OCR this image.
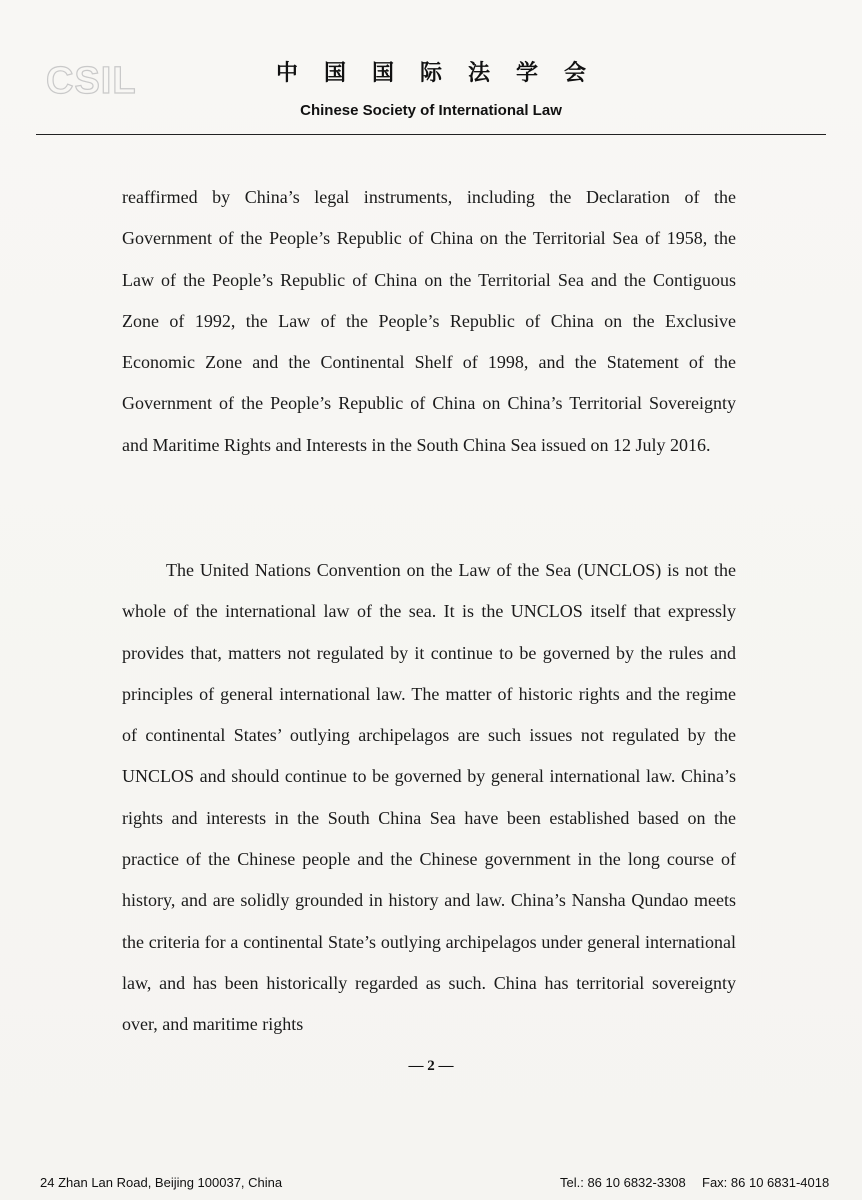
CSIL	中国国际法学会
Chinese Society of International Law

reaffirmed by China’s legal instruments, including the Declaration of the Government of the People’s Republic of China on the Territorial Sea of 1958, the Law of the People’s Republic of China on the Territorial Sea and the Contiguous Zone of 1992, the Law of the People’s Republic of China on the Exclusive Economic Zone and the Continental Shelf of 1998, and the Statement of the Government of the People’s Republic of China on China’s Territorial Sovereignty and Maritime Rights and Interests in the South China Sea issued on 12 July 2016.

The United Nations Convention on the Law of the Sea (UNCLOS) is not the whole of the international law of the sea. It is the UNCLOS itself that expressly provides that, matters not regulated by it continue to be governed by the rules and principles of general international law. The matter of historic rights and the regime of continental States’ outlying archipelagos are such issues not regulated by the UNCLOS and should continue to be governed by general international law. China’s rights and interests in the South China Sea have been established based on the practice of the Chinese people and the Chinese government in the long course of history, and are solidly grounded in history and law. China’s Nansha Qundao meets the criteria for a continental State’s outlying archipelagos under general international law, and has been historically regarded as such. China has territorial sovereignty over, and maritime rights

— 2 —
24 Zhan Lan Road, Beijing 100037, China	Tel.: 86 10 6832-3308 Fax: 86 10 6831-4018
